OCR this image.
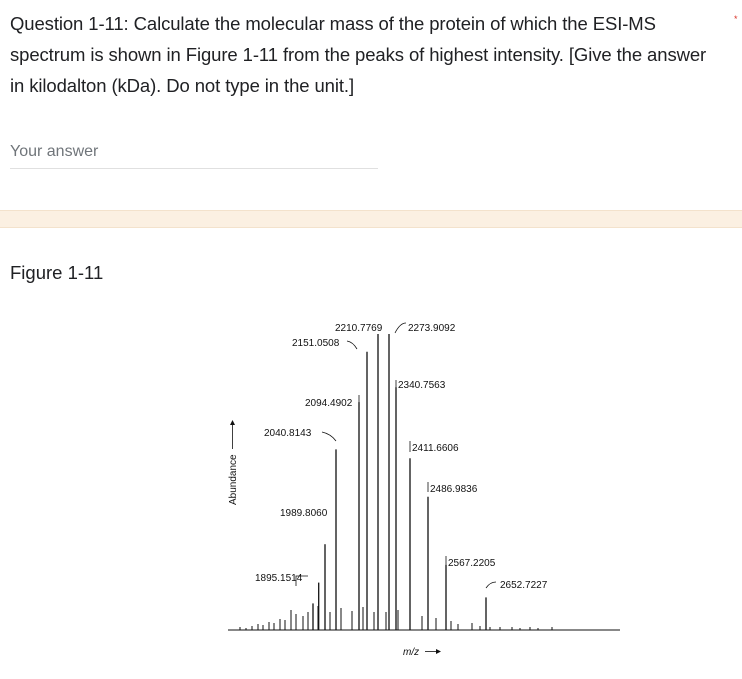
Question 1-11: Calculate the molecular mass of the protein of which the ESI-MS spectrum is shown in Figure 1-11 from the peaks of highest intensity. [Give the answer in kilodalton (kDa). Do not type in the unit.]
*
Your answer
Figure 1-11
Abundance
m/z
1895.1514
1989.8060
2040.8143
2094.4902
2151.0508
2210.7769	2273.9092
2340.7563
2411.6606
2486.9836
2567.2205
2652.7227
